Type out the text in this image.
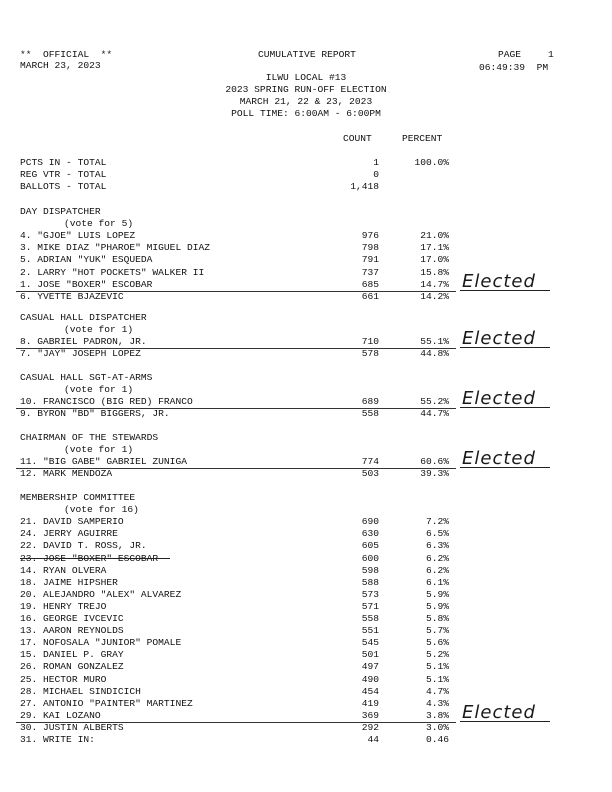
**  OFFICIAL  **
MARCH 23, 2023
CUMULATIVE REPORT	PAGE	1
06:49:39  PM
ILWU LOCAL #13
2023 SPRING RUN-OFF ELECTION
MARCH 21, 22 & 23, 2023
POLL TIME: 6:00AM - 6:00PM
COUNT	PERCENT
PCTS IN - TOTAL	1	100.0%
REG VTR - TOTAL	0
BALLOTS - TOTAL	1,418
DAY DISPATCHER
(vote for 5)
4. "GJOE" LUIS LOPEZ	976	21.0%
3. MIKE DIAZ "PHAROE" MIGUEL DIAZ	798	17.1%
5. ADRIAN "YUK" ESQUEDA	791	17.0%
2. LARRY "HOT POCKETS" WALKER II	737	15.8%
1. JOSE "BOXER" ESCOBAR	685	14.7% Elected
6. YVETTE BJAZEVIC	661	14.2%
CASUAL HALL DISPATCHER
(vote for 1)
8. GABRIEL PADRON, JR.	710	55.1% Elected
7. "JAY" JOSEPH LOPEZ	578	44.8%
CASUAL HALL SGT-AT-ARMS
(vote for 1)
10. FRANCISCO (BIG RED) FRANCO	689	55.2% Elected
9. BYRON "BD" BIGGERS, JR.	558	44.7%
CHAIRMAN OF THE STEWARDS
(vote for 1)
11. "BIG GABE" GABRIEL ZUNIGA	774	60.6% Elected
12. MARK MENDOZA	503	39.3%
MEMBERSHIP COMMITTEE
(vote for 16)
21. DAVID SAMPERIO	690	7.2%
24. JERRY AGUIRRE	630	6.5%
22. DAVID T. ROSS, JR.	605	6.3%
23. JOSE "BOXER" ESCOBAR	600	6.2%
14. RYAN OLVERA	598	6.2%
18. JAIME HIPSHER	588	6.1%
20. ALEJANDRO "ALEX" ALVAREZ	573	5.9%
19. HENRY TREJO	571	5.9%
16. GEORGE IVCEVIC	558	5.8%
13. AARON REYNOLDS	551	5.7%
17. NOFOSALA "JUNIOR" POMALE	545	5.6%
15. DANIEL P. GRAY	501	5.2%
26. ROMAN GONZALEZ	497	5.1%
25. HECTOR MURO	490	5.1%
28. MICHAEL SINDICICH	454	4.7%
27. ANTONIO "PAINTER" MARTINEZ	419	4.3%
29. KAI LOZANO	369	3.8% Elected
30. JUSTIN ALBERTS	292	3.0%
31. WRITE IN:	44	0.46
